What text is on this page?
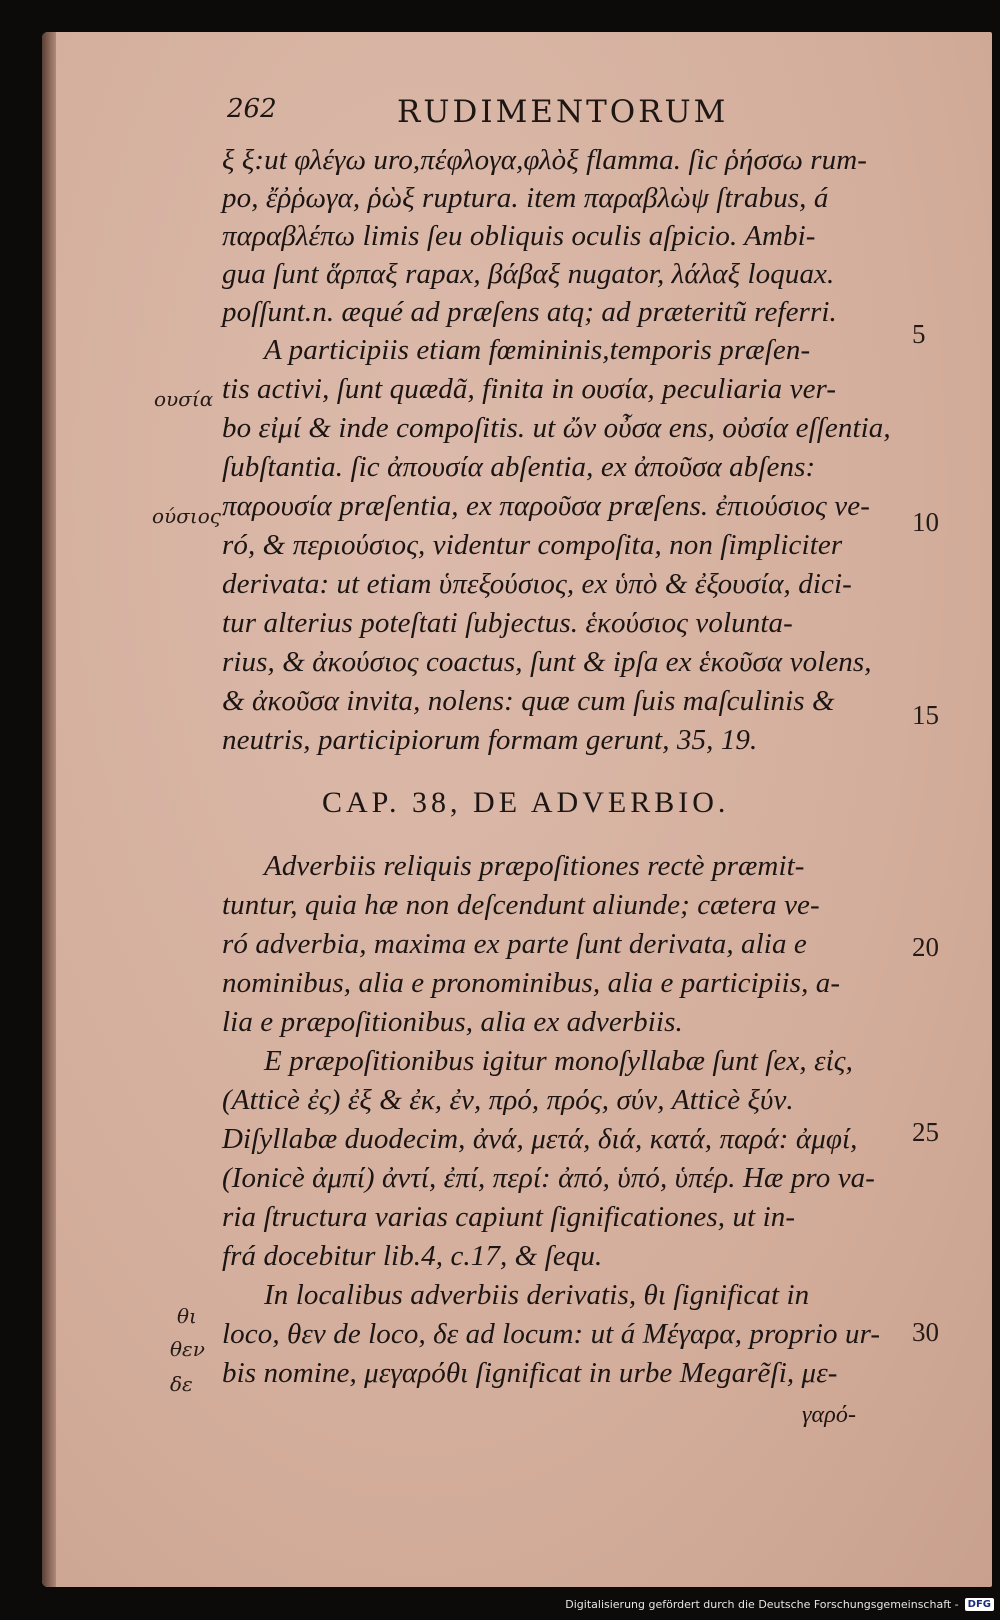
262	RUDIMENTORUM
ουσία
ούσιος
θι
θεν
δε
5
10
15
20
25
30
ξ ξ:ut φλέγω uro,πέφλογα,φλὸξ flamma. ſic ῥήσσω rum-
po, ἔῤῥωγα, ῥὼξ ruptura. item παραβλὼψ ſtrabus, á
παραβλέπω limis ſeu obliquis oculis aſpicio. Ambi-
gua ſunt ἅρπαξ rapax, βάβαξ nugator, λάλαξ loquax.
poſſunt.n. æqué ad præſens atq; ad præteritũ referri.
A participiis etiam fœmininis,temporis præſen-
tis activi, ſunt quædã, finita in ουσία, peculiaria ver-
bo εἰμί & inde compoſitis. ut ὤν οὖσα ens, οὐσία eſſentia,
ſubſtantia. ſic ἀπουσία abſentia, ex ἀποῦσα abſens:
παρουσία præſentia, ex παροῦσα præſens. ἐπιούσιος ve-
ró, & περιούσιος, videntur compoſita, non ſimpliciter
derivata: ut etiam ὑπεξούσιος, ex ὑπὸ & ἐξουσία, dici-
tur alterius poteſtati ſubjectus. ἑκούσιος volunta-
rius, & ἀκούσιος coactus, ſunt & ipſa ex ἑκοῦσα volens,
& ἀκοῦσα invita, nolens: quæ cum ſuis maſculinis &
neutris, participiorum formam gerunt, 35, 19.
CAP. 38, DE ADVERBIO.
Adverbiis reliquis præpoſitiones rectè præmit-
tuntur, quia hæ non deſcendunt aliunde; cætera ve-
ró adverbia, maxima ex parte ſunt derivata, alia e
nominibus, alia e pronominibus, alia e participiis, a-
lia e præpoſitionibus, alia ex adverbiis.
E præpoſitionibus igitur monoſyllabæ ſunt ſex, εἰς,
(Atticè ἐς) ἐξ & ἐκ, ἐν, πρό, πρός, σύν, Atticè ξύν.
Diſyllabæ duodecim, ἀνά, μετά, διά, κατά, παρά: ἀμφί,
(Ionicè ἀμπί) ἀντί, ἐπί, περί: ἀπό, ὑπό, ὑπέρ. Hæ pro va-
ria ſtructura varias capiunt ſignificationes, ut in-
frá docebitur lib.4, c.17, & ſequ.
In localibus adverbiis derivatis, θι ſignificat in
loco, θεν de loco, δε ad locum: ut á Μέγαρα, proprio ur-
bis nomine, μεγαρόθι ſignificat in urbe Megarẽſi, με-
γαρό-
Digitalisierung gefördert durch die Deutsche Forschungsgemeinschaft - DFG
